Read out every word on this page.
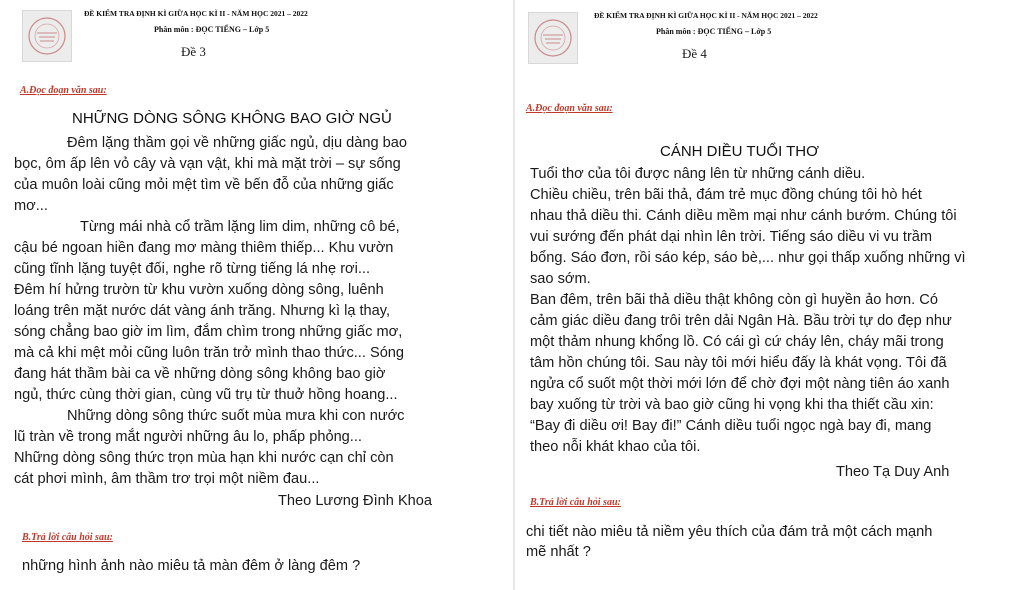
ĐỀ KIỂM TRA ĐỊNH KÌ GIỮA HỌC KÌ II - NĂM HỌC 2021 – 2022
Phân môn : ĐỌC TIẾNG – Lớp 5
Đề 3
A.Đọc đoạn văn sau:
NHỮNG DÒNG SÔNG KHÔNG BAO GIỜ NGỦ
Đêm lặng thầm gọi về những giấc ngủ, dịu dàng bao
bọc, ôm ấp lên vỏ cây và vạn vật, khi mà mặt trời – sự sống
của muôn loài cũng mỏi mệt tìm về bến đỗ của những giấc
mơ...
Từng mái nhà cổ trầm lặng lim dim, những cô bé,
cậu bé ngoan hiền đang mơ màng thiêm thiếp... Khu vườn
cũng tĩnh lặng tuyệt đối, nghe rõ từng tiếng lá nhẹ rơi...
Đêm hí hửng trườn từ khu vườn xuống dòng sông, luênh
loáng trên mặt nước dát vàng ánh trăng. Nhưng kì lạ thay,
sóng chẳng bao giờ im lìm, đắm chìm trong những giấc mơ,
mà cả khi mệt mỏi cũng luôn trăn trở mình thao thức... Sóng
đang hát thầm bài ca về những dòng sông không bao giờ
ngủ, thức cùng thời gian, cùng vũ trụ từ thuở hồng hoang...
Những dòng sông thức suốt mùa mưa khi con nước
lũ tràn về trong mắt người những âu lo, phấp phỏng...
Những dòng sông thức trọn mùa hạn khi nước cạn chỉ còn
cát phơi mình, âm thầm trơ trọi một niềm đau...
Theo Lương Đình Khoa
B.Trả lời câu hỏi sau:
những hình ảnh nào miêu tả màn đêm ở làng đêm ?
ĐỀ KIỂM TRA ĐỊNH KÌ GIỮA HỌC KÌ II - NĂM HỌC 2021 – 2022
Phân môn : ĐỌC TIẾNG – Lớp 5
Đề 4
A.Đọc đoạn văn sau:
CÁNH DIỀU TUỔI THƠ
Tuổi thơ của tôi được nâng lên từ những cánh diều.
Chiều chiều, trên bãi thả, đám trẻ mục đồng chúng tôi hò hét
nhau thả diều thi. Cánh diều mềm mại như cánh bướm. Chúng tôi
vui sướng đến phát dại nhìn lên trời. Tiếng sáo diều vi vu trầm
bổng. Sáo đơn, rồi sáo kép, sáo bè,... như gọi thấp xuống những vì
sao sớm.
Ban đêm, trên bãi thả diều thật không còn gì huyền ảo hơn. Có
cảm giác diều đang trôi trên dải Ngân Hà. Bầu trời tự do đẹp như
một thảm nhung khổng lồ. Có cái gì cứ cháy lên, cháy mãi trong
tâm hồn chúng tôi. Sau này tôi mới hiểu đấy là khát vọng. Tôi đã
ngửa cổ suốt một thời mới lớn để chờ đợi một nàng tiên áo xanh
bay xuống từ trời và bao giờ cũng hi vọng khi tha thiết cầu xin:
“Bay đi diều ơi! Bay đi!” Cánh diều tuổi ngọc ngà bay đi, mang
theo nỗi khát khao của tôi.
Theo Tạ Duy Anh
B.Trả lời câu hỏi sau:
chi tiết nào miêu tả niềm yêu thích của đám trả một cách mạnh
mẽ nhất ?
